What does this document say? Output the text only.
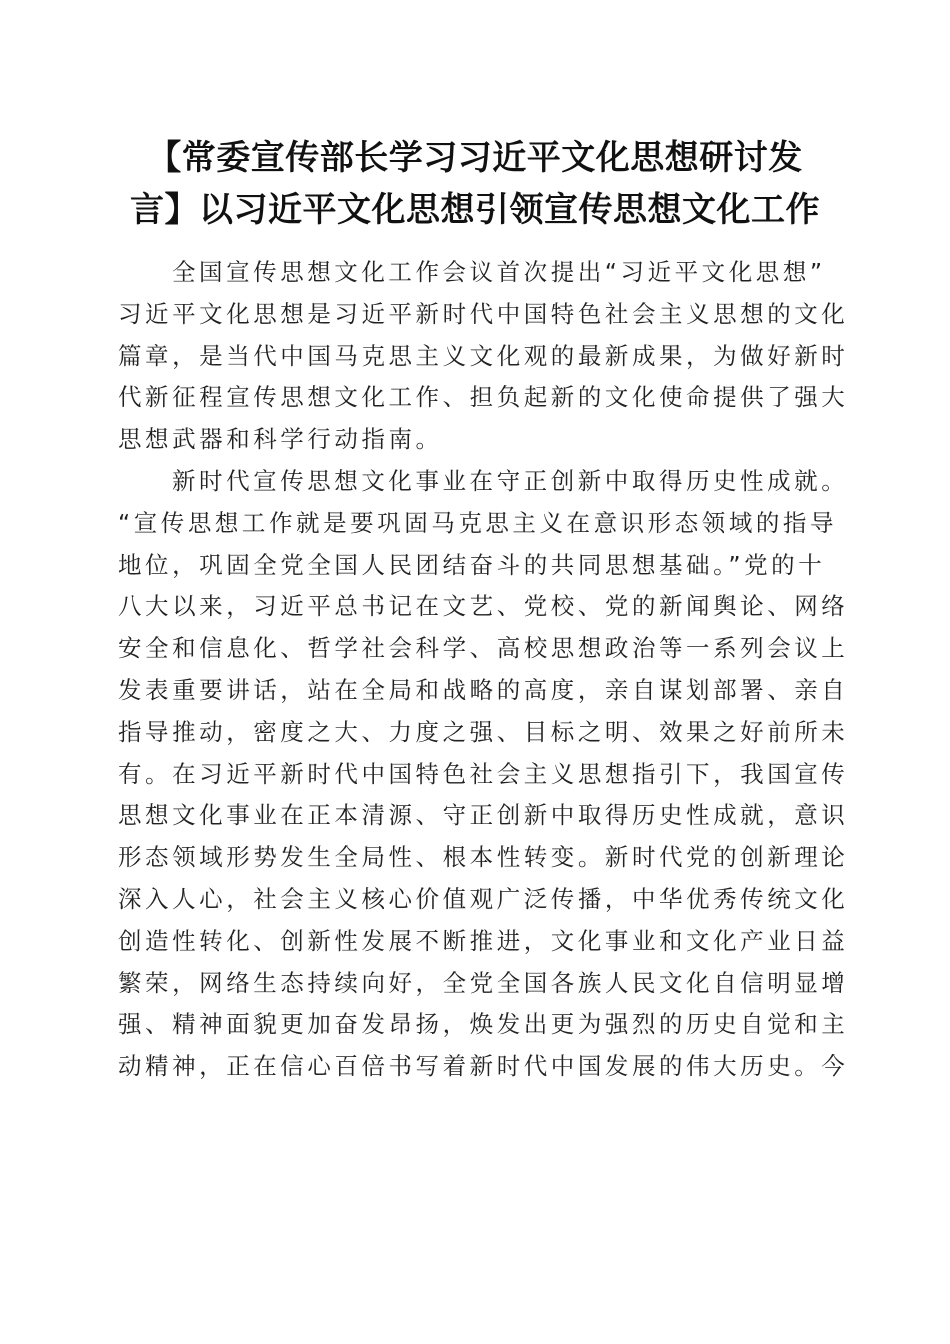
【常委宣传部长学习习近平文化思想研讨发
言】以习近平文化思想引领宣传思想文化工作
全国宣传思想文化工作会议首次提出“习近平文化思想”
习近平文化思想是习近平新时代中国特色社会主义思想的文化
篇章，是当代中国马克思主义文化观的最新成果，为做好新时
代新征程宣传思想文化工作、担负起新的文化使命提供了强大
思想武器和科学行动指南。
新时代宣传思想文化事业在守正创新中取得历史性成就。
“宣传思想工作就是要巩固马克思主义在意识形态领域的指导
地位，巩固全党全国人民团结奋斗的共同思想基础。”党的十
八大以来，习近平总书记在文艺、党校、党的新闻舆论、网络
安全和信息化、哲学社会科学、高校思想政治等一系列会议上
发表重要讲话，站在全局和战略的高度，亲自谋划部署、亲自
指导推动，密度之大、力度之强、目标之明、效果之好前所未
有。在习近平新时代中国特色社会主义思想指引下，我国宣传
思想文化事业在正本清源、守正创新中取得历史性成就，意识
形态领域形势发生全局性、根本性转变。新时代党的创新理论
深入人心，社会主义核心价值观广泛传播，中华优秀传统文化
创造性转化、创新性发展不断推进，文化事业和文化产业日益
繁荣，网络生态持续向好，全党全国各族人民文化自信明显增
强、精神面貌更加奋发昂扬，焕发出更为强烈的历史自觉和主
动精神，正在信心百倍书写着新时代中国发展的伟大历史。今
